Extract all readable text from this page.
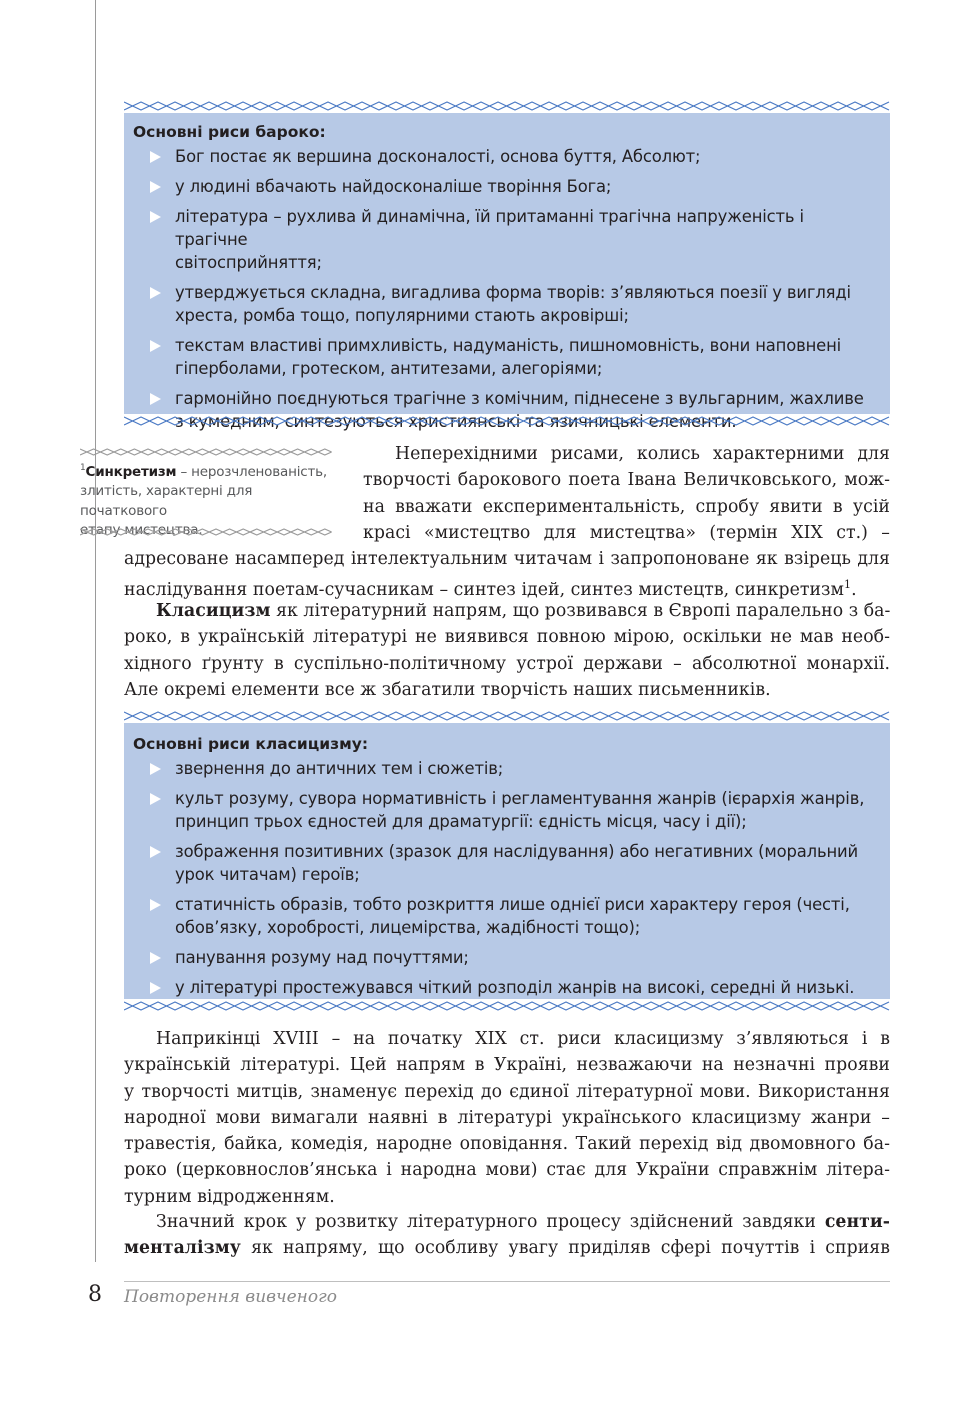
Основні риси бароко:
Бог постає як вершина досконалості, основа буття, Абсолют;
у людині вбачають найдосконаліше творіння Бога;
література – рухлива й динамічна, їй притаманні трагічна напруженість і трагічне
світосприйняття;
утверджується складна, вигадлива форма творів: з’являються поезії у вигляді
хреста, ромба тощо, популярними стають акровірші;
текстам властиві примхливість, надуманість, пишномовність, вони наповнені
гіперболами, гротеском, антитезами, алегоріями;
гармонійно поєднуються трагічне з комічним, піднесене з вульгарним, жахливе
з кумедним, синтезуються християнські та язичницькі елементи.
$^1$Синкретизм – нерозчленованість,
злитість, характерні для початкового
етапу мистецтва.
Неперехідними рисами, колись характерними для
творчості барокового поета Івана Величковського, мож-
на вважати експериментальність, спробу явити в усій
красі «мистецтво для мистецтва» (термін XIX ст.) –
адресоване насамперед інтелектуальним читачам і запропоноване як взірець для
наслідування поетам-сучасникам – синтез ідей, синтез мистецтв, синкретизм$^1$.
Класицизм як літературний напрям, що розвивався в Європі паралельно з ба-
роко, в українській літературі не виявився повною мірою, оскільки не мав необ-
хідного ґрунту в суспільно-політичному устрої держави – абсолютної монархії.
Але окремі елементи все ж збагатили творчість наших письменників.
Основні риси класицизму:
звернення до античних тем і сюжетів;
культ розуму, сувора нормативність і регламентування жанрів (ієрархія жанрів,
принцип трьох єдностей для драматургії: єдність місця, часу і дії);
зображення позитивних (зразок для наслідування) або негативних (моральний
урок читачам) героїв;
статичність образів, тобто розкриття лише однієї риси характеру героя (честі,
обов’язку, хоробрості, лицемірства, жадібності тощо);
панування розуму над почуттями;
у літературі простежувався чіткий розподіл жанрів на високі, середні й низькі.
Наприкінці XVIII – на початку XIX ст. риси класицизму з’являються і в
українській літературі. Цей напрям в Україні, незважаючи на незначні прояви
у творчості митців, знаменує перехід до єдиної літературної мови. Використання
народної мови вимагали наявні в літературі українського класицизму жанри –
травестія, байка, комедія, народне оповідання. Такий перехід від двомовного ба-
роко (церковнослов’янська і народна мови) стає для України справжнім літера-
турним відродженням.
Значний крок у розвитку літературного процесу здійснений завдяки сенти-
менталізму як напряму, що особливу увагу приділяв сфері почуттів і сприяв
8 Повторення вивченого
